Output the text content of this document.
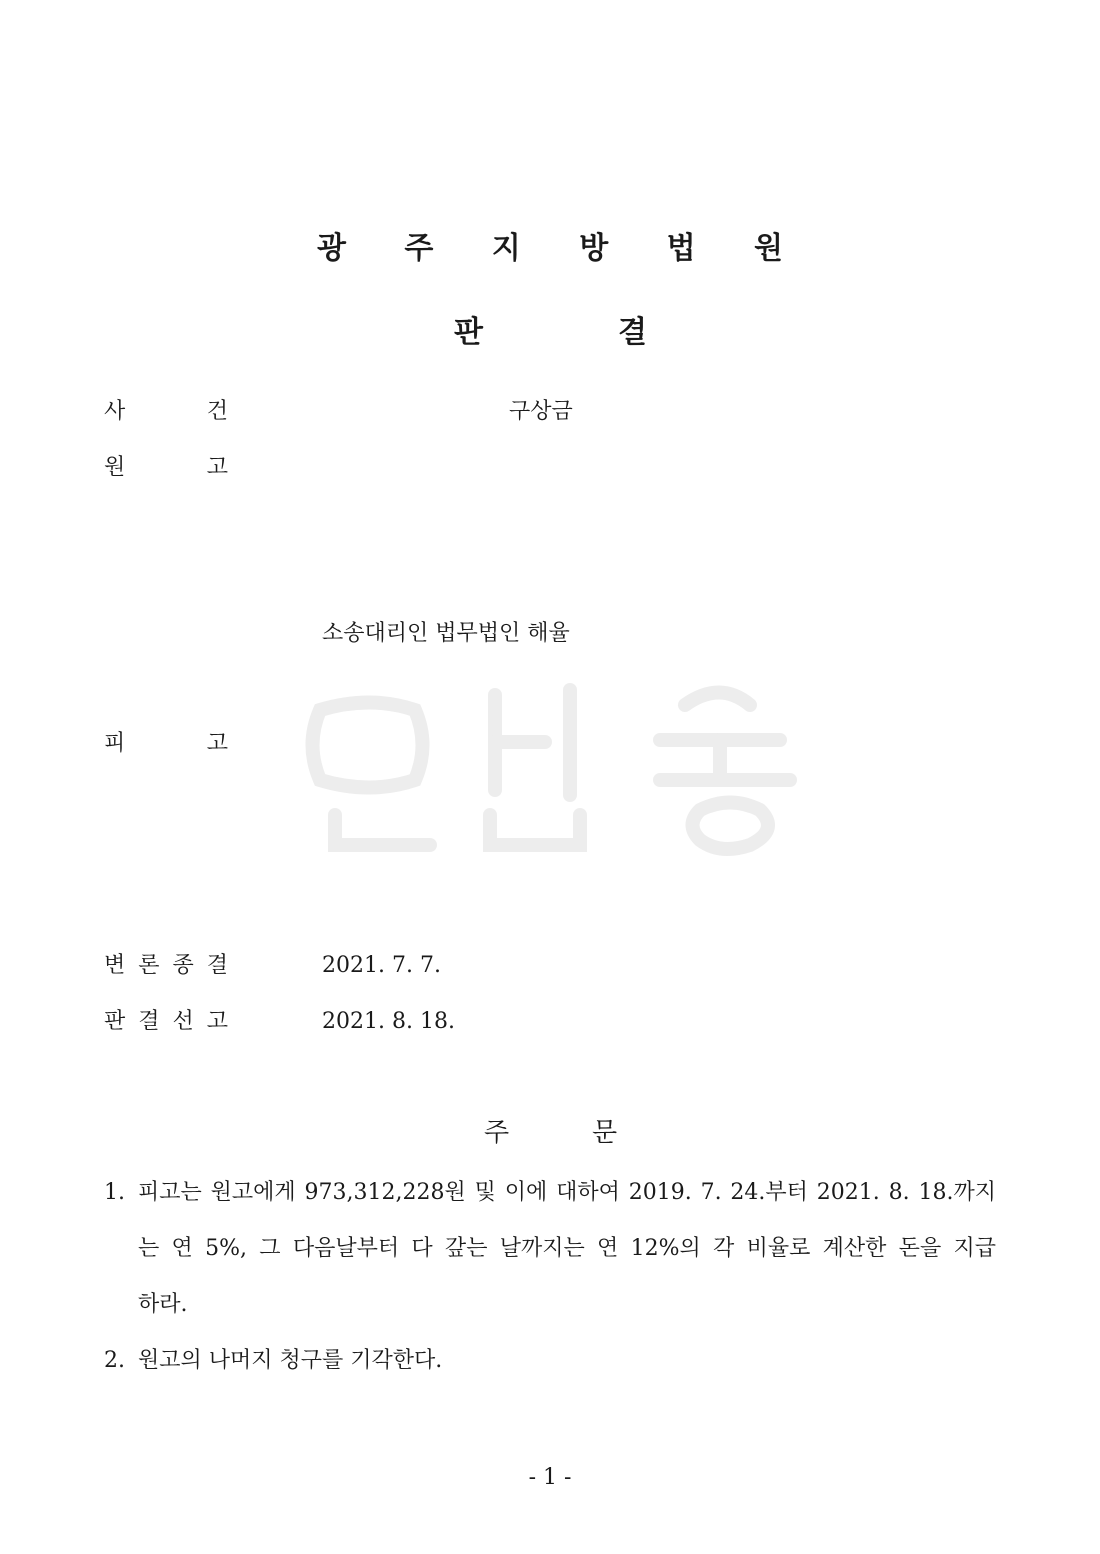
광 주 지 방 법 원
판	결
사	건	구상금
원	고
소송대리인 법무법인 해율
피	고
변 론 종 결	2021. 7. 7.
판 결 선 고	2021. 8. 18.
주	문
1. 피고는 원고에게 973,312,228원 및 이에 대하여 2019. 7. 24.부터 2021. 8. 18.까지
는 연 5%, 그 다음날부터 다 갚는 날까지는 연 12%의 각 비율로 계산한 돈을 지급
하라.
2. 원고의 나머지 청구를 기각한다.
- 1 -
